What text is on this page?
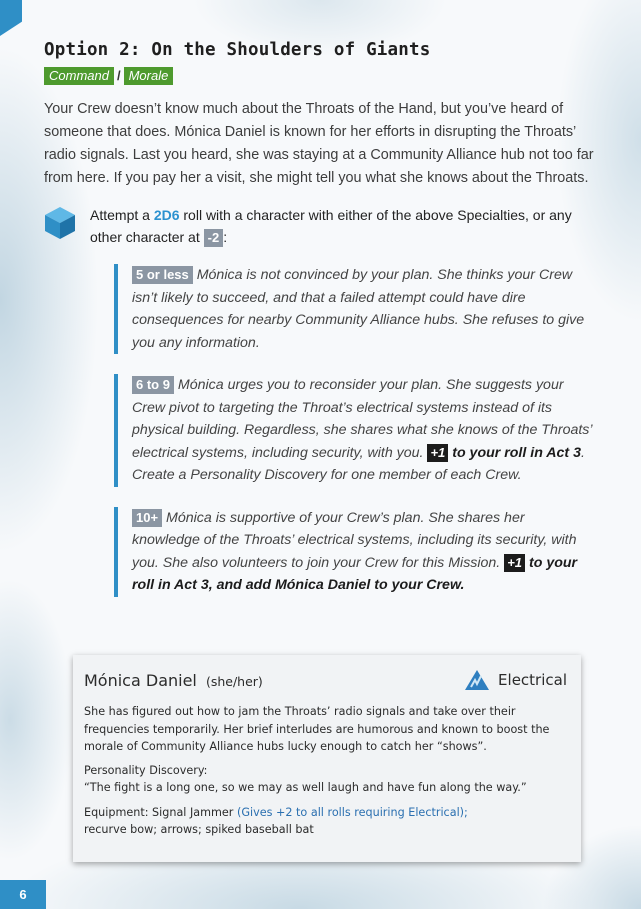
Option 2: On the Shoulders of Giants
Command / Morale

Your Crew doesn’t know much about the Throats of the Hand, but you’ve heard of someone that does. Mónica Daniel is known for her efforts in disrupting the Throats’ radio signals. Last you heard, she was staying at a Community Alliance hub not too far from here. If you pay her a visit, she might tell you what she knows about the Throats.

Attempt a 2D6 roll with a character with either of the above Specialties, or any other character at -2 :
5 or less Mónica is not convinced by your plan. She thinks your Crew isn’t likely to succeed, and that a failed attempt could have dire consequences for nearby Community Alliance hubs. She refuses to give you any information.
6 to 9 Mónica urges you to reconsider your plan. She suggests your Crew pivot to targeting the Throat’s electrical systems instead of its physical building. Regardless, she shares what she knows of the Throats’ electrical systems, including security, with you. +1 to your roll in Act 3. Create a Personality Discovery for one member of each Crew.
10+ Mónica is supportive of your Crew’s plan. She shares her knowledge of the Throats’ electrical systems, including its security, with you. She also volunteers to join your Crew for this Mission. +1 to your roll in Act 3, and add Mónica Daniel to your Crew.
Mónica Daniel (she/her)	Electrical

She has figured out how to jam the Throats’ radio signals and take over their frequencies temporarily. Her brief interludes are humorous and known to boost the morale of Community Alliance hubs lucky enough to catch her “shows”.

Personality Discovery:

“The fight is a long one, so we may as well laugh and have fun along the way.”

Equipment: Signal Jammer (Gives +2 to all rolls requiring Electrical);
recurve bow; arrows; spiked baseball bat

6
